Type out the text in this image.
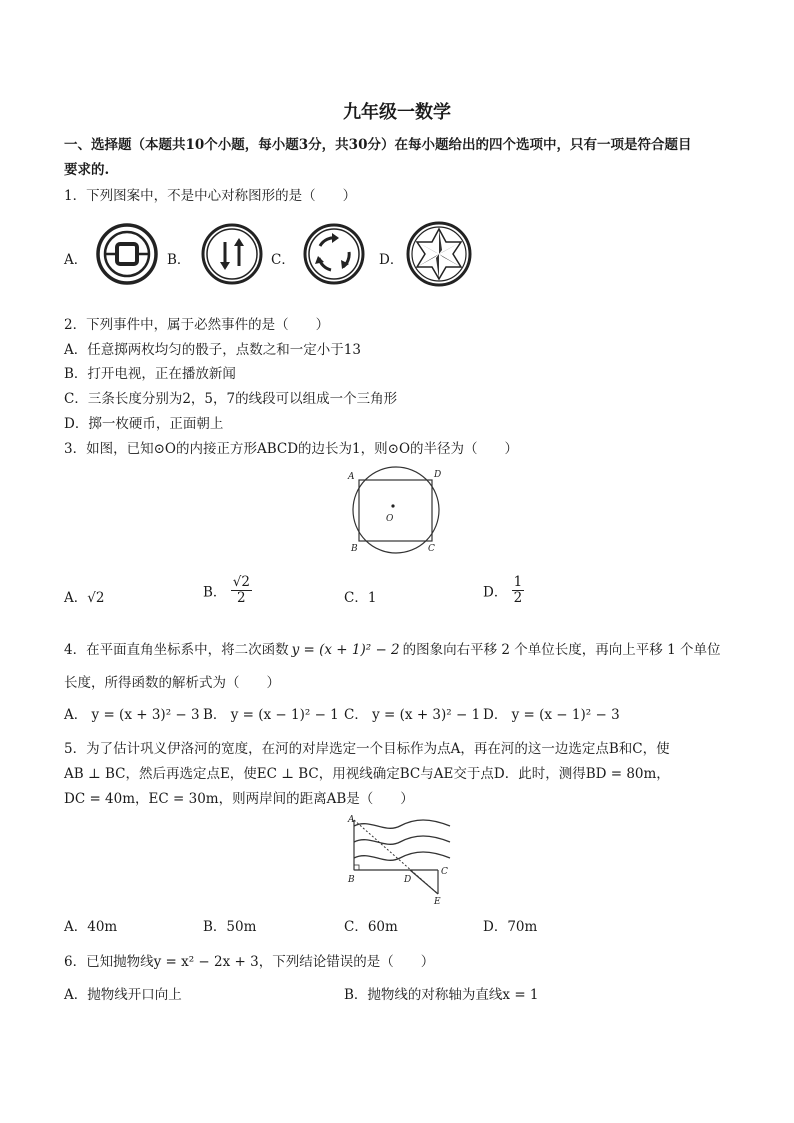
九年级一数学
一、选择题（本题共10个小题，每小题3分，共30分）在每小题给出的四个选项中，只有一项是符合题目
要求的.
1．下列图案中，不是中心对称图形的是（　　）
A．	B．	C．	D．
2．下列事件中，属于必然事件的是（　　）
A．任意掷两枚均匀的骰子，点数之和一定小于13
B．打开电视，正在播放新闻
C．三条长度分别为2，5，7的线段可以组成一个三角形
D．掷一枚硬币，正面朝上
3．如图，已知⊙O的内接正方形ABCD的边长为1，则⊙O的半径为（　　）
A	D
O
B	C
A．√2	B． $\frac{√2}{2}$	C．1	D． $\frac{1}{2}$
4．在平面直角坐标系中，将二次函数 y = (x + 1)² − 2 的图象向右平移 2 个单位长度，再向上平移 1 个单位
长度，所得函数的解析式为（　　）
A． y = (x + 3)² − 3 B． y = (x − 1)² − 1 C． y = (x + 3)² − 1 D． y = (x − 1)² − 3
5．为了估计巩义伊洛河的宽度，在河的对岸选定一个目标作为点A，再在河的这一边选定点B和C，使
AB ⊥ BC，然后再选定点E，使EC ⊥ BC，用视线确定BC与AE交于点D．此时，测得BD = 80m，
DC = 40m，EC = 30m，则两岸间的距离AB是（　　）
A
B	D
C
E
A．40m	B．50m	C．60m	D．70m
6．已知抛物线y = x² − 2x + 3，下列结论错误的是（　　）
A．抛物线开口向上	B．抛物线的对称轴为直线x = 1
